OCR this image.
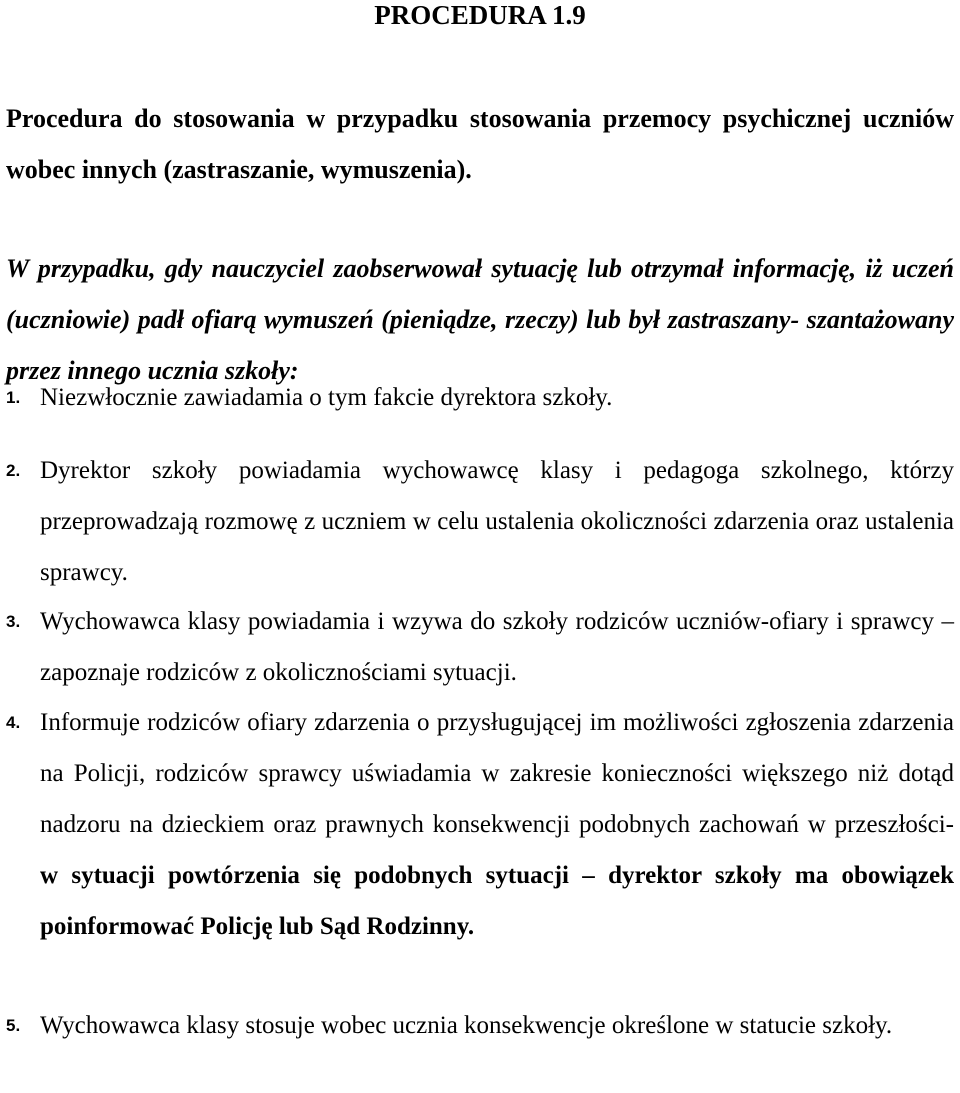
PROCEDURA 1.9
Procedura do stosowania w przypadku stosowania przemocy psychicznej uczniów wobec innych (zastraszanie, wymuszenia).
W przypadku, gdy nauczyciel zaobserwował sytuację lub otrzymał informację, iż uczeń (uczniowie) padł ofiarą wymuszeń (pieniądze, rzeczy) lub był zastraszany- szantażowany przez innego ucznia szkoły:
1. Niezwłocznie zawiadamia o tym fakcie dyrektora szkoły.
2. Dyrektor szkoły powiadamia wychowawcę klasy i pedagoga szkolnego, którzy przeprowadzają rozmowę z uczniem w celu ustalenia okoliczności zdarzenia oraz ustalenia sprawcy.
3. Wychowawca klasy powiadamia i wzywa do szkoły rodziców uczniów-ofiary i sprawcy – zapoznaje rodziców z okolicznościami sytuacji.
4. Informuje rodziców ofiary zdarzenia o przysługującej im możliwości zgłoszenia zdarzenia na Policji, rodziców sprawcy uświadamia w zakresie konieczności większego niż dotąd nadzoru na dzieckiem oraz prawnych konsekwencji podobnych zachowań w przeszłości- w sytuacji powtórzenia się podobnych sytuacji – dyrektor szkoły ma obowiązek poinformować Policję lub Sąd Rodzinny.
5. Wychowawca klasy stosuje wobec ucznia konsekwencje określone w statucie szkoły.
